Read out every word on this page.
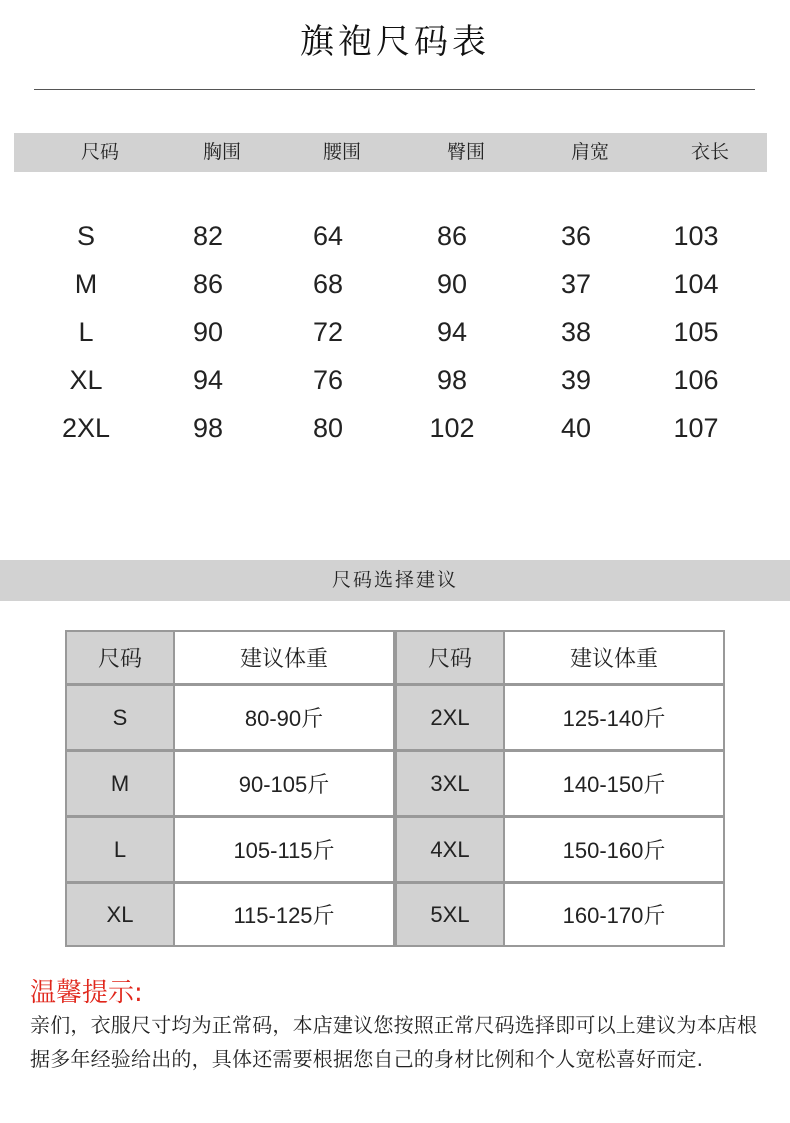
旗袍尺码表
尺码	胸围	腰围	臀围	肩宽	衣长
S	82	64	86	36	103
M	86	68	90	37	104
L	90	72	94	38	105
XL	94	76	98	39	106
2XL	98	80	102	40	107
尺码选择建议
尺码	建议体重	尺码	建议体重
S	80-90斤	2XL	125-140斤
M	90-105斤	3XL	140-150斤
L	105-115斤	4XL	150-160斤
XL	115-125斤	5XL	160-170斤
温馨提示:
亲们，衣服尺寸均为正常码，本店建议您按照正常尺码选择即可以上建议为本店根据多年经验给出的，具体还需要根据您自己的身材比例和个人宽松喜好而定.
